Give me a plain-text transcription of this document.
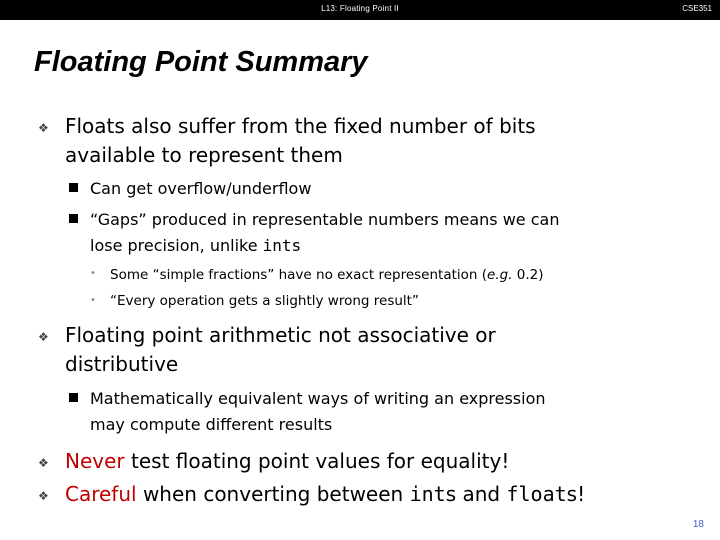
L13: Floating Point II	CSE351
Floating Point Summary
❖ Floats also suffer from the fixed number of bits
available to represent them
Can get overflow/underflow
“Gaps” produced in representable numbers means we can
lose precision, unlike ints
• Some “simple fractions” have no exact representation (e.g. 0.2)
• “Every operation gets a slightly wrong result”
❖ Floating point arithmetic not associative or
distributive
Mathematically equivalent ways of writing an expression
may compute different results
❖ Never test floating point values for equality!
❖ Careful when converting between ints and floats!
18
